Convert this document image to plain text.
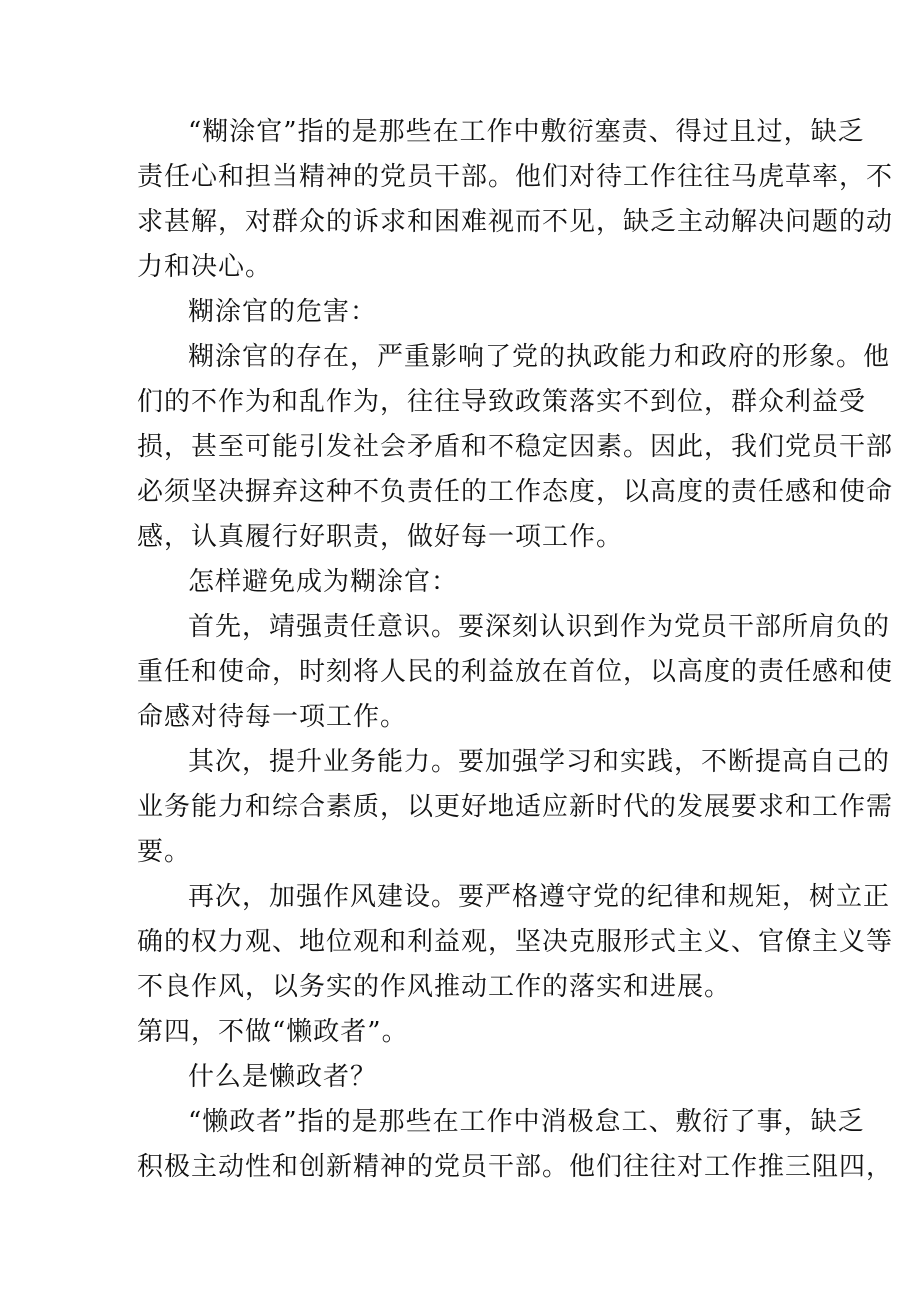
“糊涂官”指的是那些在工作中敷衍塞责、得过且过，缺乏
责任心和担当精神的党员干部。他们对待工作往往马虎草率，不
求甚解，对群众的诉求和困难视而不见，缺乏主动解决问题的动
力和决心。
糊涂官的危害：
糊涂官的存在，严重影响了党的执政能力和政府的形象。他
们的不作为和乱作为，往往导致政策落实不到位，群众利益受
损，甚至可能引发社会矛盾和不稳定因素。因此，我们党员干部
必须坚决摒弃这种不负责任的工作态度，以高度的责任感和使命
感，认真履行好职责，做好每一项工作。
怎样避免成为糊涂官：
首先，靖强责任意识。要深刻认识到作为党员干部所肩负的
重任和使命，时刻将人民的利益放在首位，以高度的责任感和使
命感对待每一项工作。
其次，提升业务能力。要加强学习和实践，不断提高自己的
业务能力和综合素质，以更好地适应新时代的发展要求和工作需
要。
再次，加强作风建设。要严格遵守党的纪律和规矩，树立正
确的权力观、地位观和利益观，坚决克服形式主义、官僚主义等
不良作风，以务实的作风推动工作的落实和进展。
第四，不做“懒政者”。
什么是懒政者？
“懒政者”指的是那些在工作中消极怠工、敷衍了事，缺乏
积极主动性和创新精神的党员干部。他们往往对工作推三阻四，
